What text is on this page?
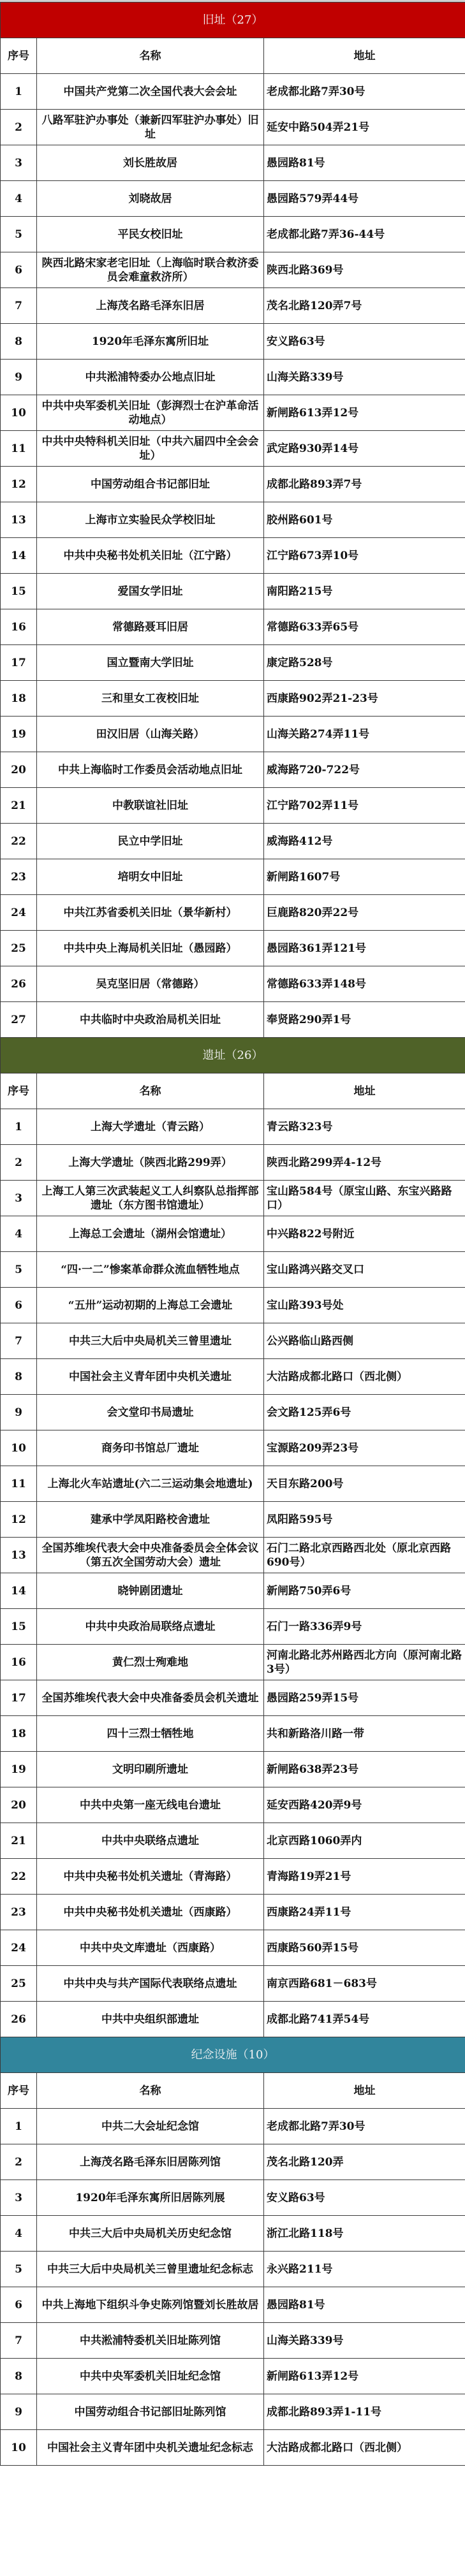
旧址（27）		
序号	名称	地址
1	中国共产党第二次全国代表大会会址	老成都北路7弄30号
2	八路军驻沪办事处（兼新四军驻沪办事处）旧址	延安中路504弄21号
3	刘长胜故居	愚园路81号
4	刘晓故居	愚园路579弄44号
5	平民女校旧址	老成都北路7弄36-44号
6	陕西北路宋家老宅旧址（上海临时联合救济委员会难童救济所）	陕西北路369号
7	上海茂名路毛泽东旧居	茂名北路120弄7号
8	1920年毛泽东寓所旧址	安义路63号
9	中共淞浦特委办公地点旧址	山海关路339号
10	中共中央军委机关旧址（彭湃烈士在沪革命活动地点）	新闸路613弄12号
11	中共中央特科机关旧址（中共六届四中全会会址）	武定路930弄14号
12	中国劳动组合书记部旧址	成都北路893弄7号
13	上海市立实验民众学校旧址	胶州路601号
14	中共中央秘书处机关旧址（江宁路）	江宁路673弄10号
15	爱国女学旧址	南阳路215号
16	常德路聂耳旧居	常德路633弄65号
17	国立暨南大学旧址	康定路528号
18	三和里女工夜校旧址	西康路902弄21-23号
19	田汉旧居（山海关路）	山海关路274弄11号
20	中共上海临时工作委员会活动地点旧址	威海路720-722号
21	中教联谊社旧址	江宁路702弄11号
22	民立中学旧址	威海路412号
23	培明女中旧址	新闸路1607号
24	中共江苏省委机关旧址（景华新村）	巨鹿路820弄22号
25	中共中央上海局机关旧址（愚园路）	愚园路361弄121号
26	吴克坚旧居（常德路）	常德路633弄148号
27	中共临时中央政治局机关旧址	奉贤路290弄1号
遗址（26）		
序号	名称	地址
1	上海大学遗址（青云路）	青云路323号
2	上海大学遗址（陕西北路299弄）	陕西北路299弄4-12号
3	上海工人第三次武装起义工人纠察队总指挥部遗址（东方图书馆遗址）	宝山路584号（原宝山路、东宝兴路路口）
4	上海总工会遗址（湖州会馆遗址）	中兴路822号附近
5	“四·一二”惨案革命群众流血牺牲地点	宝山路鸿兴路交叉口
6	“五卅”运动初期的上海总工会遗址	宝山路393号处
7	中共三大后中央局机关三曾里遗址	公兴路临山路西侧
8	中国社会主义青年团中央机关遗址	大沽路成都北路口（西北侧）
9	会文堂印书局遗址	会文路125弄6号
10	商务印书馆总厂遗址	宝源路209弄23号
11	上海北火车站遗址(六二三运动集会地遗址)	天目东路200号
12	建承中学凤阳路校舍遗址	凤阳路595号
13	全国苏维埃代表大会中央准备委员会全体会议（第五次全国劳动大会）遗址	石门二路北京西路西北处（原北京西路690号）
14	晓钟剧团遗址	新闸路750弄6号
15	中共中央政治局联络点遗址	石门一路336弄9号
16	黄仁烈士殉难地	河南北路北苏州路西北方向（原河南北路3号）
17	全国苏维埃代表大会中央准备委员会机关遗址	愚园路259弄15号
18	四十三烈士牺牲地	共和新路洛川路一带
19	文明印刷所遗址	新闸路638弄23号
20	中共中央第一座无线电台遗址	延安西路420弄9号
21	中共中央联络点遗址	北京西路1060弄内
22	中共中央秘书处机关遗址（青海路）	青海路19弄21号
23	中共中央秘书处机关遗址（西康路）	西康路24弄11号
24	中共中央文库遗址（西康路）	西康路560弄15号
25	中共中央与共产国际代表联络点遗址	南京西路681－683号
26	中共中央组织部遗址	成都北路741弄54号
纪念设施（10）		
序号	名称	地址
1	中共二大会址纪念馆	老成都北路7弄30号
2	上海茂名路毛泽东旧居陈列馆	茂名北路120弄
3	1920年毛泽东寓所旧居陈列展	安义路63号
4	中共三大后中央局机关历史纪念馆	浙江北路118号
5	中共三大后中央局机关三曾里遗址纪念标志	永兴路211号
6	中共上海地下组织斗争史陈列馆暨刘长胜故居	愚园路81号
7	中共淞浦特委机关旧址陈列馆	山海关路339号
8	中共中央军委机关旧址纪念馆	新闸路613弄12号
9	中国劳动组合书记部旧址陈列馆	成都北路893弄1-11号
10	中国社会主义青年团中央机关遗址纪念标志	大沽路成都北路口（西北侧）
